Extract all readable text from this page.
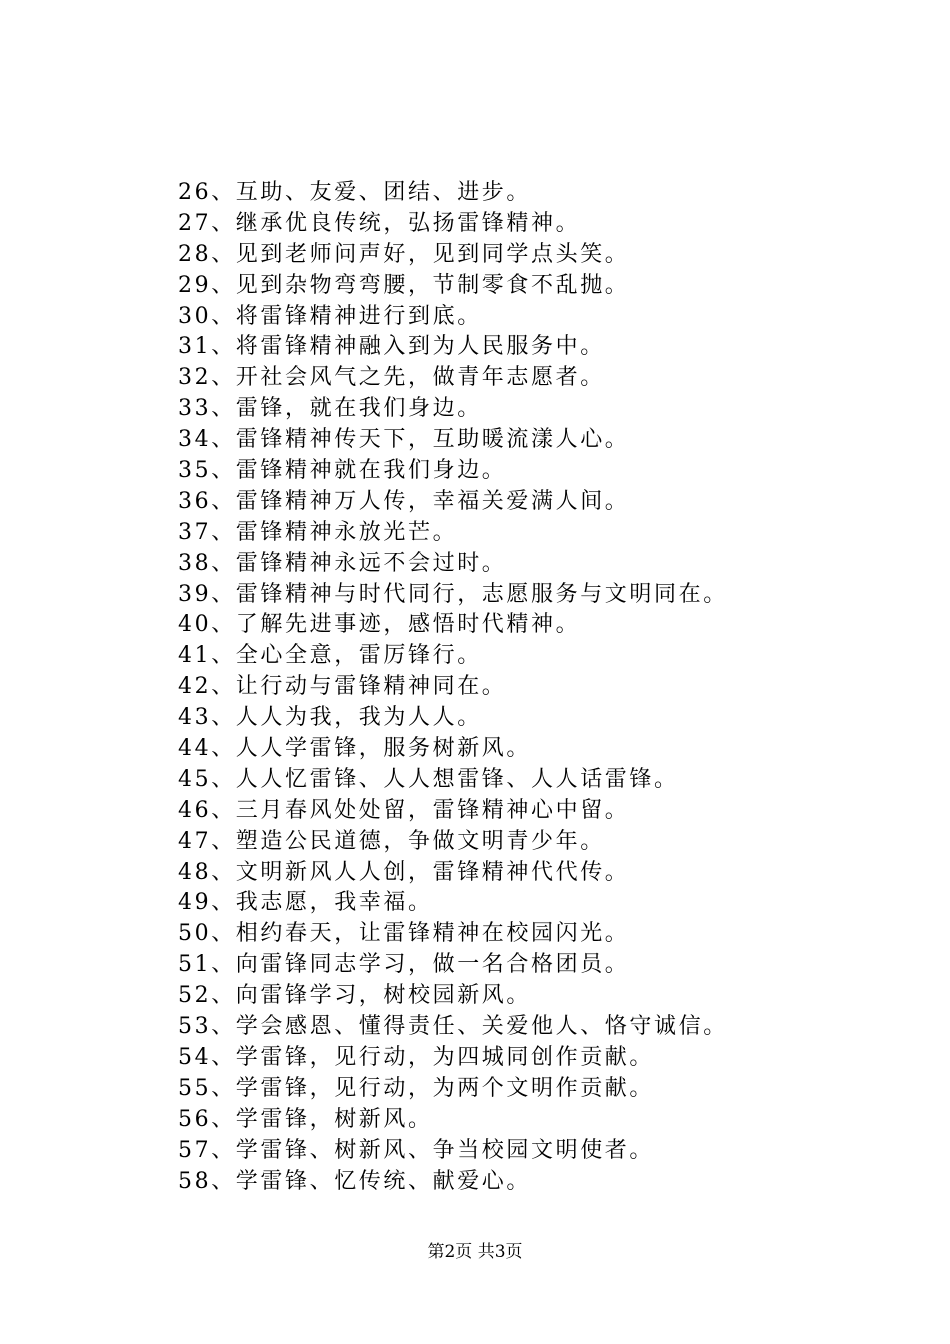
26、互助、友爱、团结、进步。
27、继承优良传统，弘扬雷锋精神。
28、见到老师问声好，见到同学点头笑。
29、见到杂物弯弯腰，节制零食不乱抛。
30、将雷锋精神进行到底。
31、将雷锋精神融入到为人民服务中。
32、开社会风气之先，做青年志愿者。
33、雷锋，就在我们身边。
34、雷锋精神传天下，互助暖流漾人心。
35、雷锋精神就在我们身边。
36、雷锋精神万人传，幸福关爱满人间。
37、雷锋精神永放光芒。
38、雷锋精神永远不会过时。
39、雷锋精神与时代同行，志愿服务与文明同在。
40、了解先进事迹，感悟时代精神。
41、全心全意，雷厉锋行。
42、让行动与雷锋精神同在。
43、人人为我，我为人人。
44、人人学雷锋，服务树新风。
45、人人忆雷锋、人人想雷锋、人人话雷锋。
46、三月春风处处留，雷锋精神心中留。
47、塑造公民道德，争做文明青少年。
48、文明新风人人创，雷锋精神代代传。
49、我志愿，我幸福。
50、相约春天，让雷锋精神在校园闪光。
51、向雷锋同志学习，做一名合格团员。
52、向雷锋学习，树校园新风。
53、学会感恩、懂得责任、关爱他人、恪守诚信。
54、学雷锋，见行动，为四城同创作贡献。
55、学雷锋，见行动，为两个文明作贡献。
56、学雷锋，树新风。
57、学雷锋、树新风、争当校园文明使者。
58、学雷锋、忆传统、献爱心。
第2页 共3页
